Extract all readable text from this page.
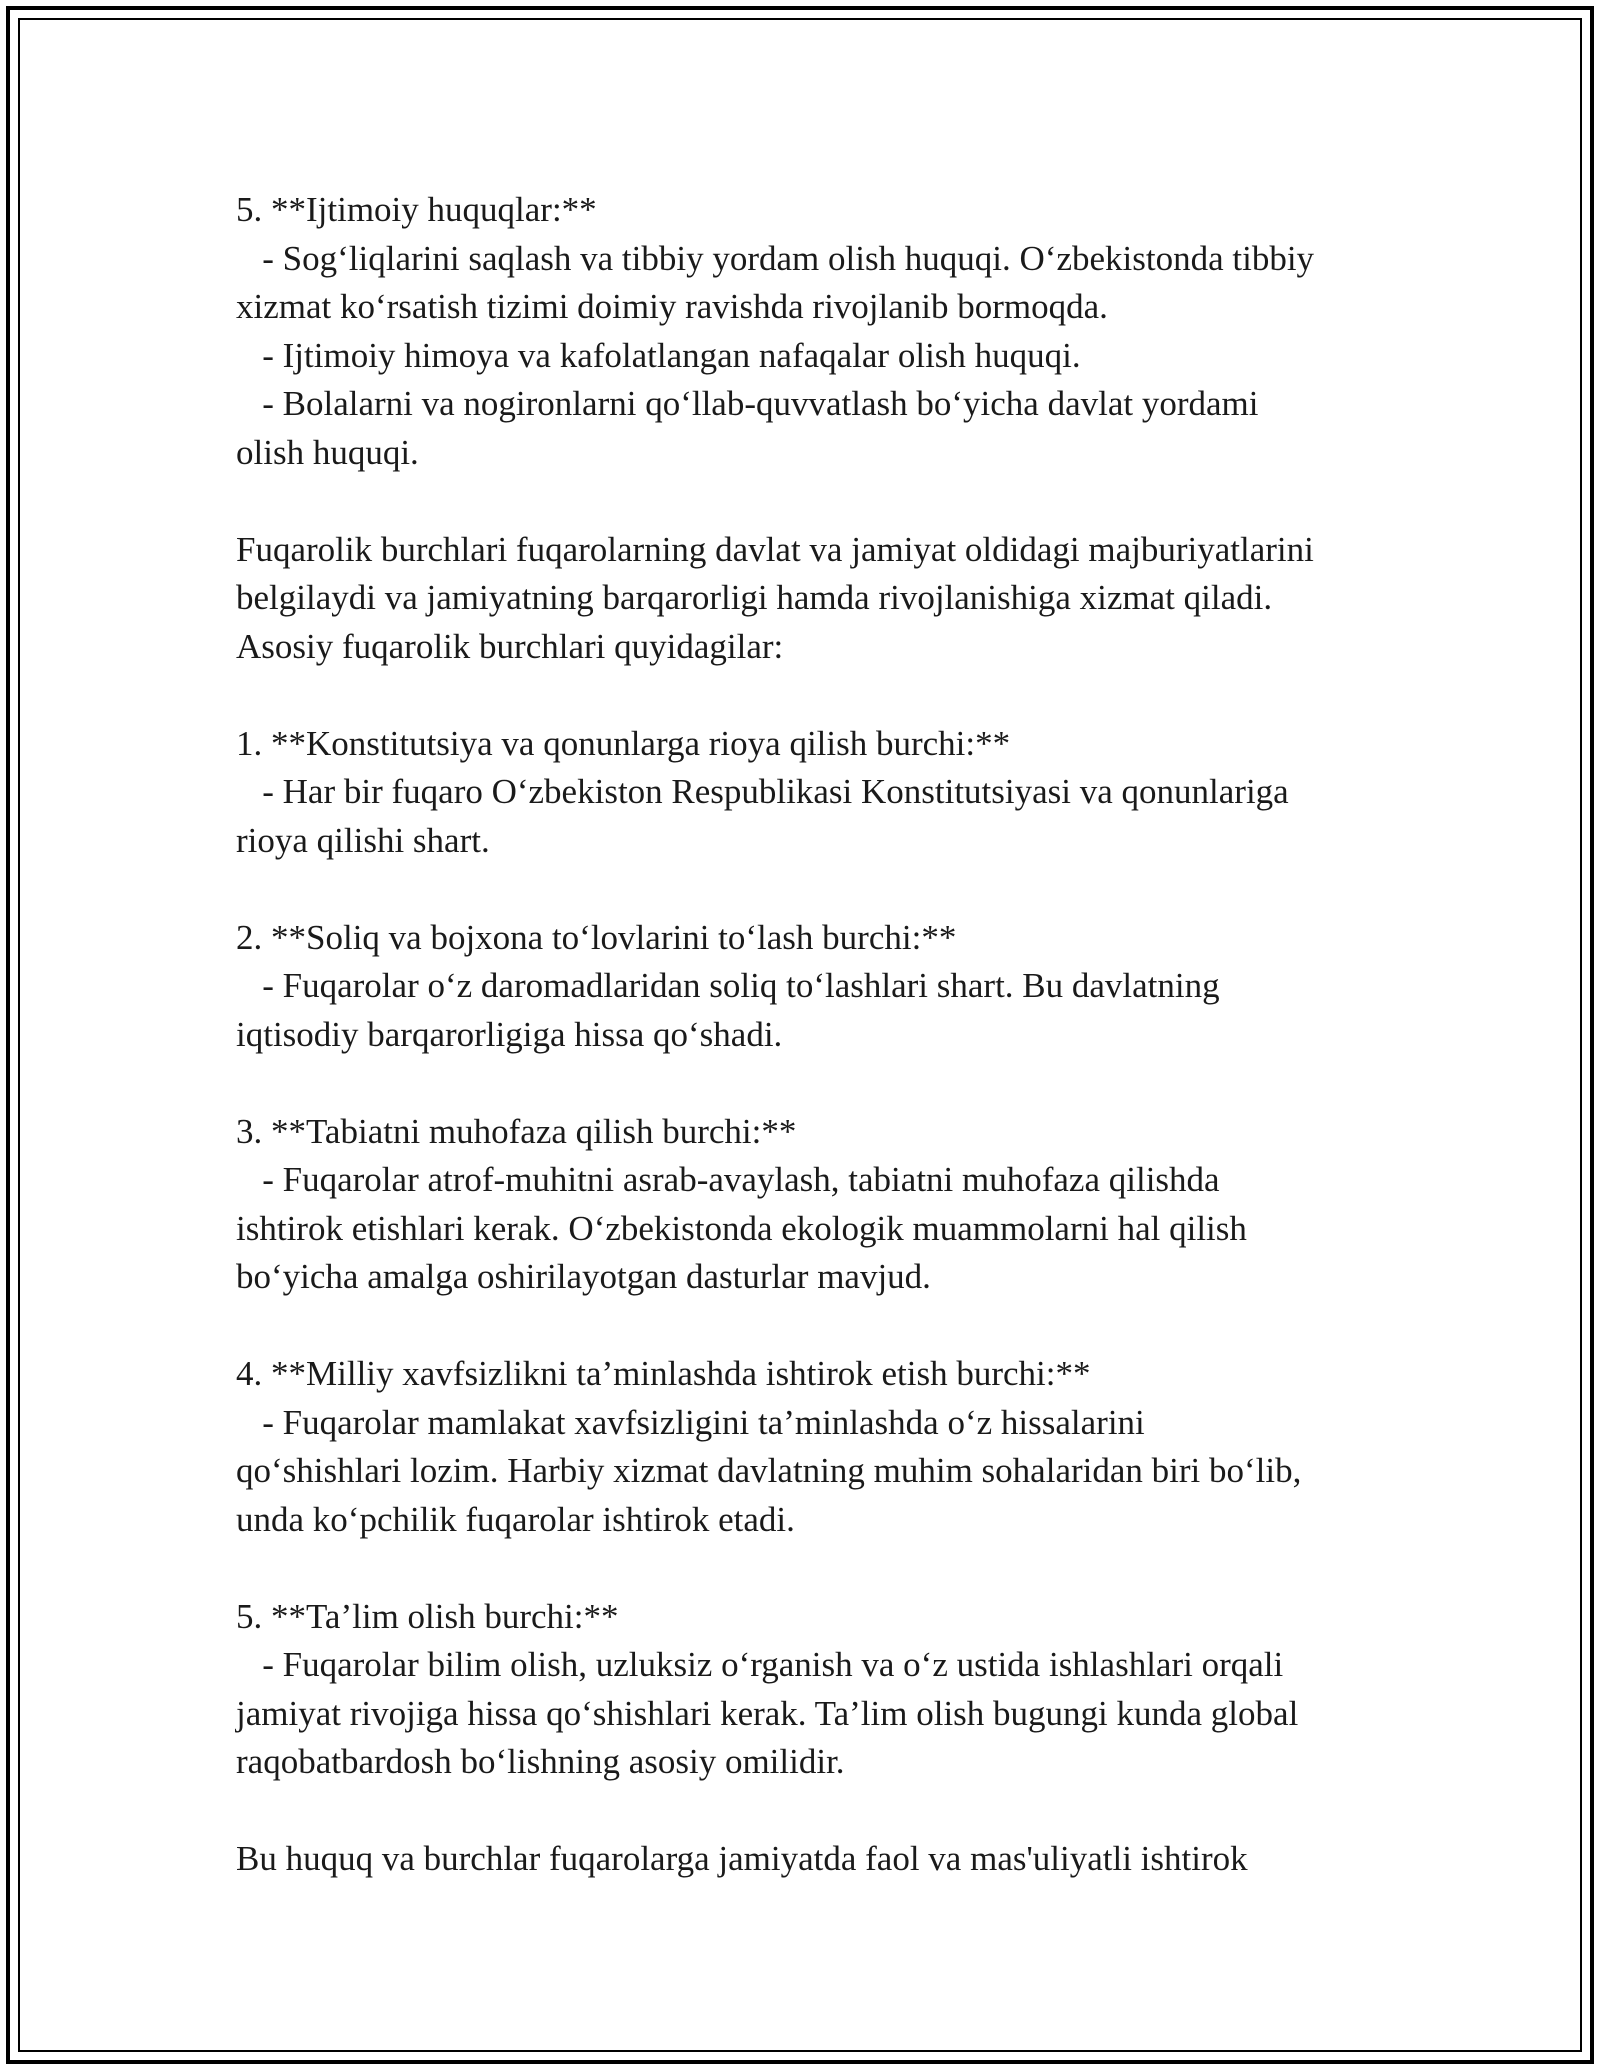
5. **Ijtimoiy huquqlar:**
- Sog‘liqlarini saqlash va tibbiy yordam olish huquqi. O‘zbekistonda tibbiy
xizmat ko‘rsatish tizimi doimiy ravishda rivojlanib bormoqda.
- Ijtimoiy himoya va kafolatlangan nafaqalar olish huquqi.
- Bolalarni va nogironlarni qo‘llab-quvvatlash bo‘yicha davlat yordami
olish huquqi.
Fuqarolik burchlari fuqarolarning davlat va jamiyat oldidagi majburiyatlarini
belgilaydi va jamiyatning barqarorligi hamda rivojlanishiga xizmat qiladi.
Asosiy fuqarolik burchlari quyidagilar:
1. **Konstitutsiya va qonunlarga rioya qilish burchi:**
- Har bir fuqaro O‘zbekiston Respublikasi Konstitutsiyasi va qonunlariga
rioya qilishi shart.
2. **Soliq va bojxona to‘lovlarini to‘lash burchi:**
- Fuqarolar o‘z daromadlaridan soliq to‘lashlari shart. Bu davlatning
iqtisodiy barqarorligiga hissa qo‘shadi.
3. **Tabiatni muhofaza qilish burchi:**
- Fuqarolar atrof-muhitni asrab-avaylash, tabiatni muhofaza qilishda
ishtirok etishlari kerak. O‘zbekistonda ekologik muammolarni hal qilish
bo‘yicha amalga oshirilayotgan dasturlar mavjud.
4. **Milliy xavfsizlikni ta’minlashda ishtirok etish burchi:**
- Fuqarolar mamlakat xavfsizligini ta’minlashda o‘z hissalarini
qo‘shishlari lozim. Harbiy xizmat davlatning muhim sohalaridan biri bo‘lib,
unda ko‘pchilik fuqarolar ishtirok etadi.
5. **Ta’lim olish burchi:**
- Fuqarolar bilim olish, uzluksiz o‘rganish va o‘z ustida ishlashlari orqali
jamiyat rivojiga hissa qo‘shishlari kerak. Ta’lim olish bugungi kunda global
raqobatbardosh bo‘lishning asosiy omilidir.
Bu huquq va burchlar fuqarolarga jamiyatda faol va mas'uliyatli ishtirok
